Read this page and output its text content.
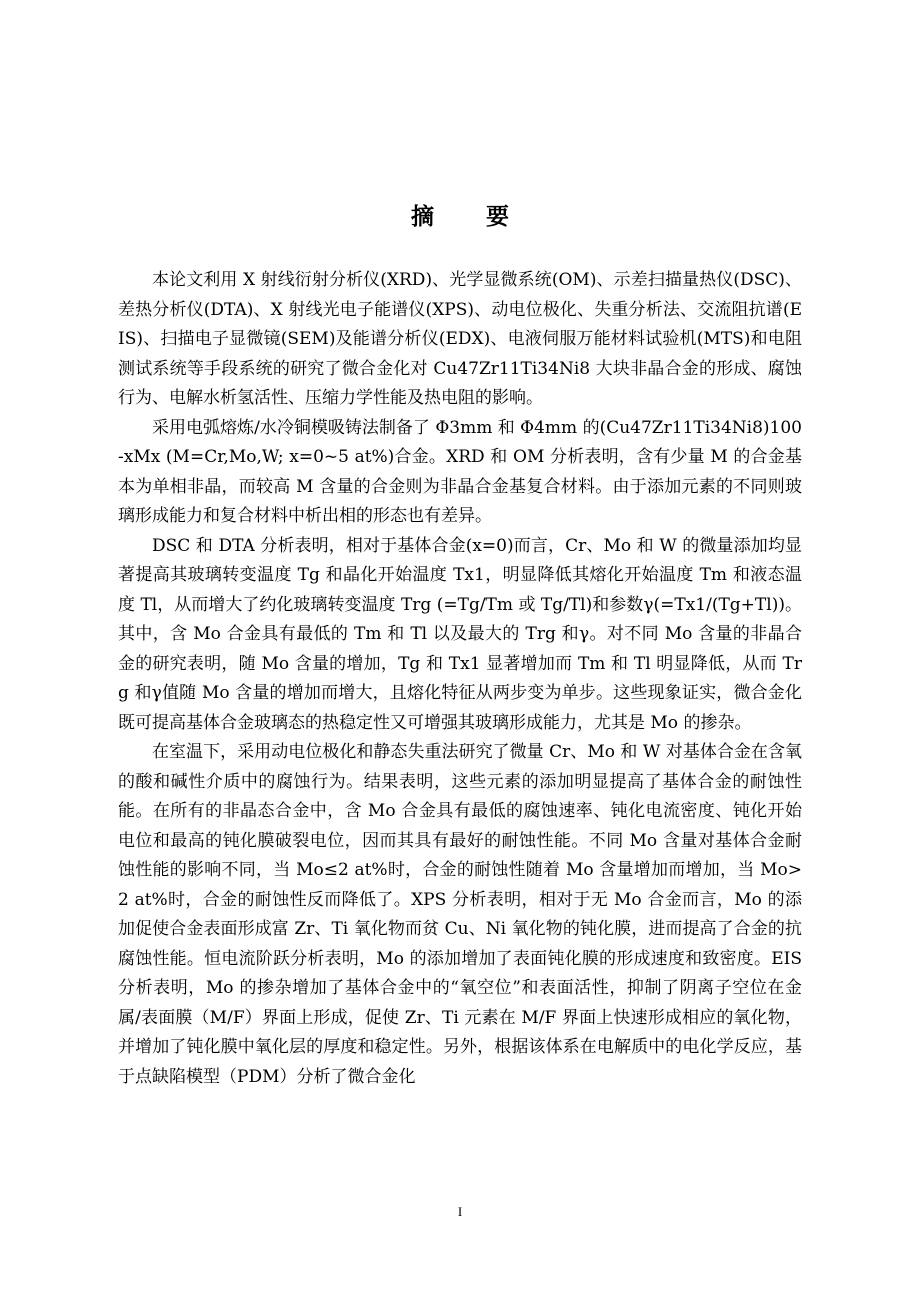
摘 要

本论文利用 X 射线衍射分析仪(XRD)、光学显微系统(OM)、示差扫描量热仪(DSC)、差热分析仪(DTA)、X 射线光电子能谱仪(XPS)、动电位极化、失重分析法、交流阻抗谱(EIS)、扫描电子显微镜(SEM)及能谱分析仪(EDX)、电液伺服万能材料试验机(MTS)和电阻测试系统等手段系统的研究了微合金化对 Cu47Zr11Ti34Ni8 大块非晶合金的形成、腐蚀行为、电解水析氢活性、压缩力学性能及热电阻的影响。

采用电弧熔炼/水冷铜模吸铸法制备了 Φ3mm 和 Φ4mm 的(Cu47Zr11Ti34Ni8)100-xMx (M=Cr,Mo,W; x=0~5 at%)合金。XRD 和 OM 分析表明，含有少量 M 的合金基本为单相非晶，而较高 M 含量的合金则为非晶合金基复合材料。由于添加元素的不同则玻璃形成能力和复合材料中析出相的形态也有差异。

DSC 和 DTA 分析表明，相对于基体合金(x=0)而言，Cr、Mo 和 W 的微量添加均显著提高其玻璃转变温度 Tg 和晶化开始温度 Tx1，明显降低其熔化开始温度 Tm 和液态温度 Tl，从而增大了约化玻璃转变温度 Trg (=Tg/Tm 或 Tg/Tl)和参数γ(=Tx1/(Tg+Tl))。其中，含 Mo 合金具有最低的 Tm 和 Tl 以及最大的 Trg 和γ。对不同 Mo 含量的非晶合金的研究表明，随 Mo 含量的增加，Tg 和 Tx1 显著增加而 Tm 和 Tl 明显降低，从而 Trg 和γ值随 Mo 含量的增加而增大，且熔化特征从两步变为单步。这些现象证实，微合金化既可提高基体合金玻璃态的热稳定性又可增强其玻璃形成能力，尤其是 Mo 的掺杂。

在室温下，采用动电位极化和静态失重法研究了微量 Cr、Mo 和 W 对基体合金在含氧的酸和碱性介质中的腐蚀行为。结果表明，这些元素的添加明显提高了基体合金的耐蚀性能。在所有的非晶态合金中，含 Mo 合金具有最低的腐蚀速率、钝化电流密度、钝化开始电位和最高的钝化膜破裂电位，因而其具有最好的耐蚀性能。不同 Mo 含量对基体合金耐蚀性能的影响不同，当 Mo≤2 at%时，合金的耐蚀性随着 Mo 含量增加而增加，当 Mo>2 at%时，合金的耐蚀性反而降低了。XPS 分析表明，相对于无 Mo 合金而言，Mo 的添加促使合金表面形成富 Zr、Ti 氧化物而贫 Cu、Ni 氧化物的钝化膜，进而提高了合金的抗腐蚀性能。恒电流阶跃分析表明，Mo 的添加增加了表面钝化膜的形成速度和致密度。EIS 分析表明，Mo 的掺杂增加了基体合金中的“氧空位”和表面活性，抑制了阴离子空位在金属/表面膜（M/F）界面上形成，促使 Zr、Ti 元素在 M/F 界面上快速形成相应的氧化物，并增加了钝化膜中氧化层的厚度和稳定性。另外，根据该体系在电解质中的电化学反应，基于点缺陷模型（PDM）分析了微合金化

I
